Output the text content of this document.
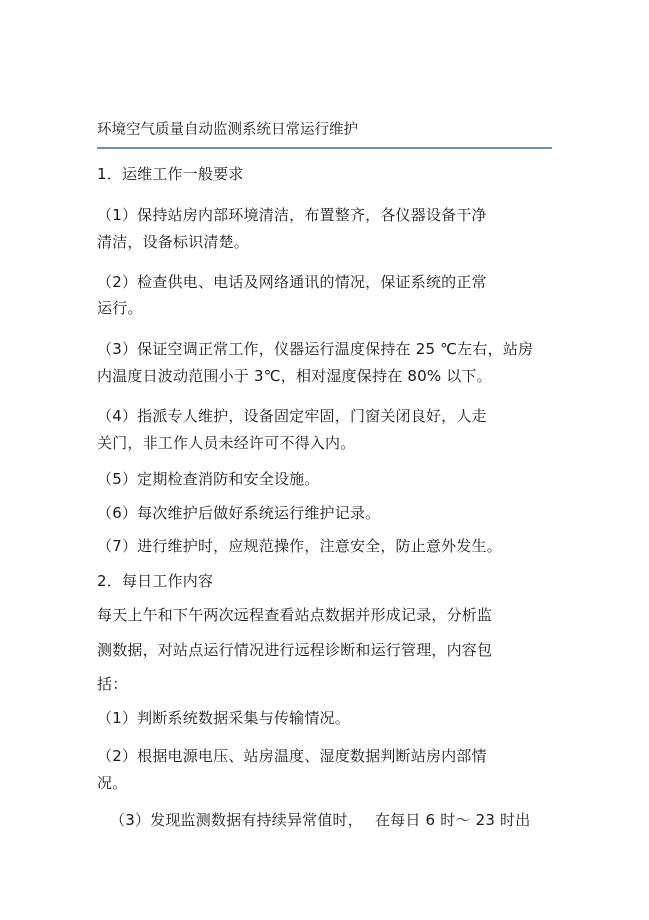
环境空气质量自动监测系统日常运行维护
1．运维工作一般要求
（1）保持站房内部环境清洁，布置整齐，各仪器设备干净
清洁，设备标识清楚。
（2）检查供电、电话及网络通讯的情况，保证系统的正常
运行。
（3）保证空调正常工作，仪器运行温度保持在 25 ℃左右，站房
内温度日波动范围小于 3℃，相对湿度保持在 80% 以下。
（4）指派专人维护，设备固定牢固，门窗关闭良好，人走
关门，非工作人员未经许可不得入内。
（5）定期检查消防和安全设施。
（6）每次维护后做好系统运行维护记录。
（7）进行维护时，应规范操作，注意安全，防止意外发生。
2．每日工作内容
每天上午和下午两次远程查看站点数据并形成记录，分析监
测数据，对站点运行情况进行远程诊断和运行管理，内容包
括：
（1）判断系统数据采集与传输情况。
（2）根据电源电压、站房温度、湿度数据判断站房内部情
况。
（3）发现监测数据有持续异常值时， 在每日 6 时～ 23 时出
